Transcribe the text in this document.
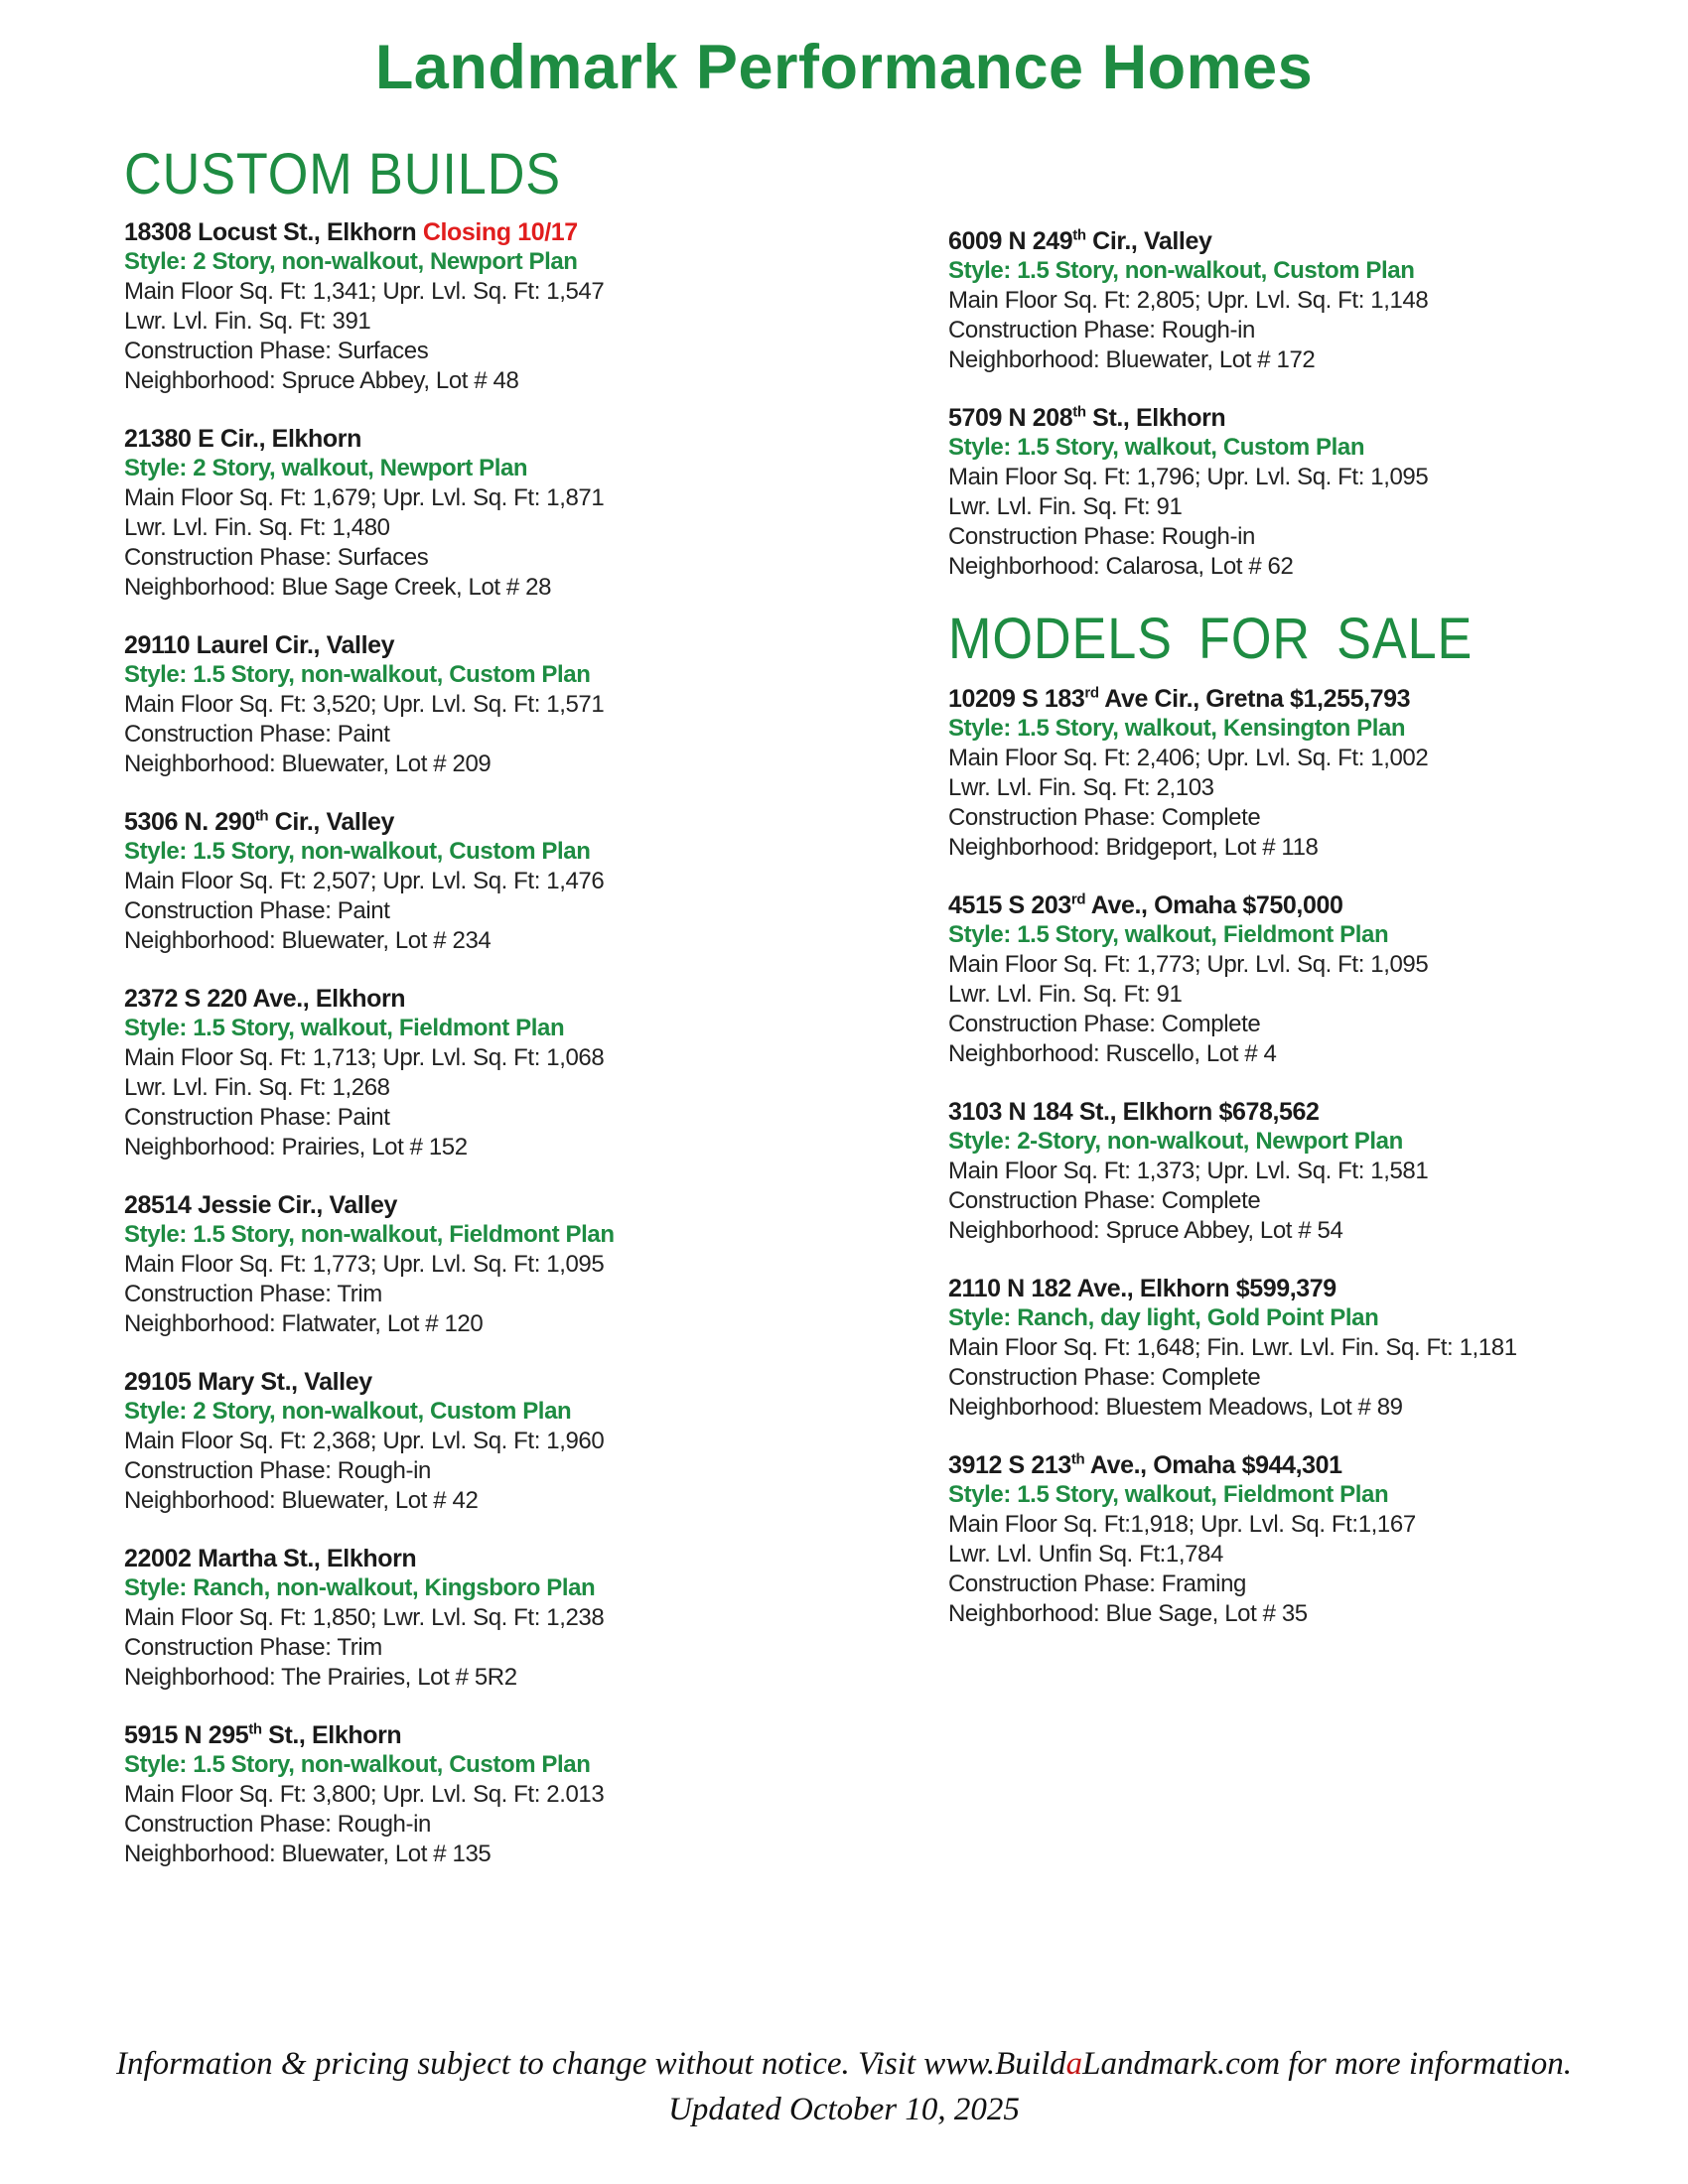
Landmark Performance Homes
CUSTOM BUILDS
18308 Locust St., Elkhorn Closing 10/17
Style: 2 Story, non-walkout, Newport Plan
Main Floor Sq. Ft: 1,341; Upr. Lvl. Sq. Ft: 1,547
Lwr. Lvl. Fin. Sq. Ft: 391
Construction Phase: Surfaces
Neighborhood: Spruce Abbey, Lot # 48
21380 E Cir., Elkhorn
Style: 2 Story, walkout, Newport Plan
Main Floor Sq. Ft: 1,679; Upr. Lvl. Sq. Ft: 1,871
Lwr. Lvl. Fin. Sq. Ft: 1,480
Construction Phase: Surfaces
Neighborhood: Blue Sage Creek, Lot # 28
29110 Laurel Cir., Valley
Style: 1.5 Story, non-walkout, Custom Plan
Main Floor Sq. Ft: 3,520; Upr. Lvl. Sq. Ft: 1,571
Construction Phase: Paint
Neighborhood: Bluewater, Lot # 209
5306 N. 290th Cir., Valley
Style: 1.5 Story, non-walkout, Custom Plan
Main Floor Sq. Ft: 2,507; Upr. Lvl. Sq. Ft: 1,476
Construction Phase: Paint
Neighborhood: Bluewater, Lot # 234
2372 S 220 Ave., Elkhorn
Style: 1.5 Story, walkout, Fieldmont Plan
Main Floor Sq. Ft: 1,713; Upr. Lvl. Sq. Ft: 1,068
Lwr. Lvl. Fin. Sq. Ft: 1,268
Construction Phase: Paint
Neighborhood: Prairies, Lot # 152
28514 Jessie Cir., Valley
Style: 1.5 Story, non-walkout, Fieldmont Plan
Main Floor Sq. Ft: 1,773; Upr. Lvl. Sq. Ft: 1,095
Construction Phase: Trim
Neighborhood: Flatwater, Lot # 120
29105 Mary St., Valley
Style: 2 Story, non-walkout, Custom Plan
Main Floor Sq. Ft: 2,368; Upr. Lvl. Sq. Ft: 1,960
Construction Phase: Rough-in
Neighborhood: Bluewater, Lot # 42
22002 Martha St., Elkhorn
Style: Ranch, non-walkout, Kingsboro Plan
Main Floor Sq. Ft: 1,850; Lwr. Lvl. Sq. Ft: 1,238
Construction Phase: Trim
Neighborhood: The Prairies, Lot # 5R2
5915 N 295th St., Elkhorn
Style: 1.5 Story, non-walkout, Custom Plan
Main Floor Sq. Ft: 3,800; Upr. Lvl. Sq. Ft: 2.013
Construction Phase: Rough-in
Neighborhood: Bluewater, Lot # 135
6009 N 249th Cir., Valley
Style: 1.5 Story, non-walkout, Custom Plan
Main Floor Sq. Ft: 2,805; Upr. Lvl. Sq. Ft: 1,148
Construction Phase: Rough-in
Neighborhood: Bluewater, Lot # 172
5709 N 208th St., Elkhorn
Style: 1.5 Story, walkout, Custom Plan
Main Floor Sq. Ft: 1,796; Upr. Lvl. Sq. Ft: 1,095
Lwr. Lvl. Fin. Sq. Ft: 91
Construction Phase: Rough-in
Neighborhood: Calarosa, Lot # 62
MODELS FOR SALE
10209 S 183rd Ave Cir., Gretna $1,255,793
Style: 1.5 Story, walkout, Kensington Plan
Main Floor Sq. Ft: 2,406; Upr. Lvl. Sq. Ft: 1,002
Lwr. Lvl. Fin. Sq. Ft: 2,103
Construction Phase: Complete
Neighborhood: Bridgeport, Lot # 118
4515 S 203rd Ave., Omaha $750,000
Style: 1.5 Story, walkout, Fieldmont Plan
Main Floor Sq. Ft: 1,773; Upr. Lvl. Sq. Ft: 1,095
Lwr. Lvl. Fin. Sq. Ft: 91
Construction Phase: Complete
Neighborhood: Ruscello, Lot # 4
3103 N 184 St., Elkhorn $678,562
Style: 2-Story, non-walkout, Newport Plan
Main Floor Sq. Ft: 1,373; Upr. Lvl. Sq. Ft: 1,581
Construction Phase: Complete
Neighborhood: Spruce Abbey, Lot # 54
2110 N 182 Ave., Elkhorn $599,379
Style: Ranch, day light, Gold Point Plan
Main Floor Sq. Ft: 1,648; Fin. Lwr. Lvl. Fin. Sq. Ft: 1,181
Construction Phase: Complete
Neighborhood: Bluestem Meadows, Lot # 89
3912 S 213th Ave., Omaha $944,301
Style: 1.5 Story, walkout, Fieldmont Plan
Main Floor Sq. Ft:1,918; Upr. Lvl. Sq. Ft:1,167
Lwr. Lvl. Unfin Sq. Ft:1,784
Construction Phase: Framing
Neighborhood: Blue Sage, Lot # 35
Information & pricing subject to change without notice. Visit www.BuildaLandmark.com for more information.
Updated October 10, 2025
